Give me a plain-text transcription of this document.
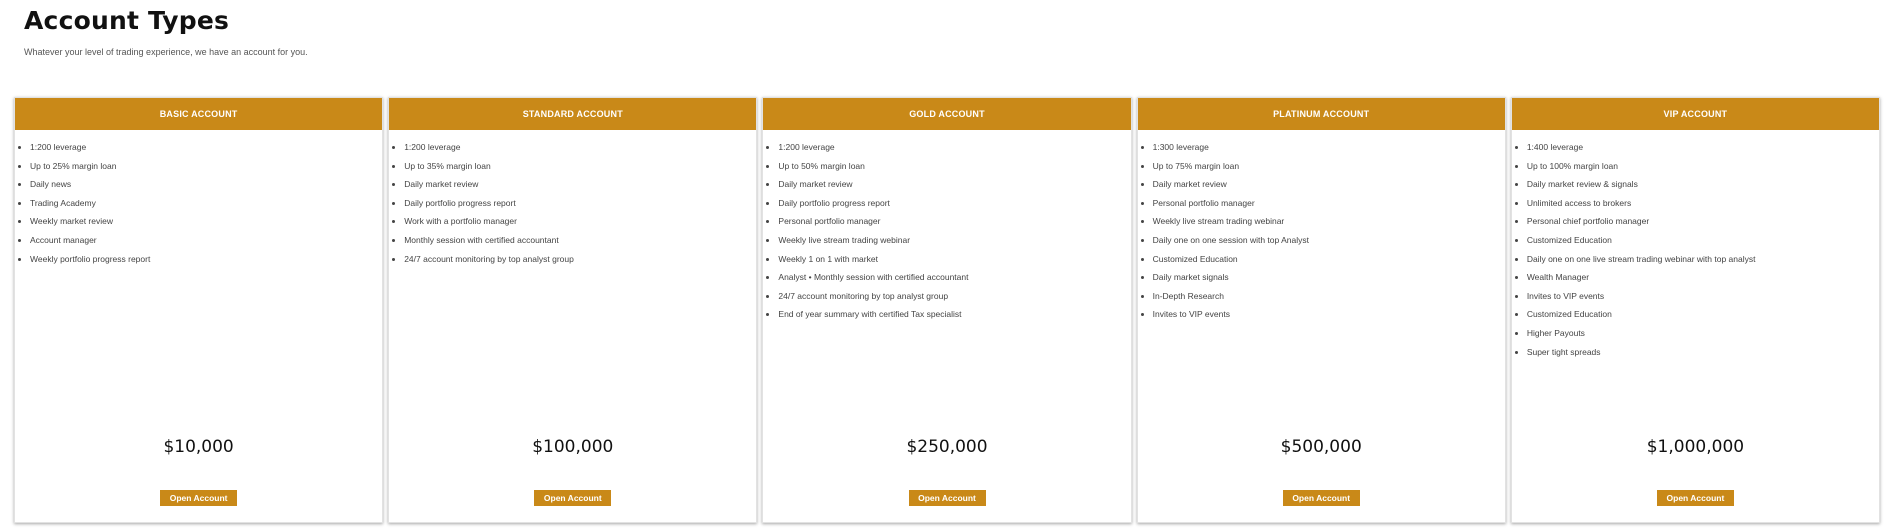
Account Types

Whatever your level of trading experience, we have an account for you.

BASIC ACCOUNT
• 1:200 leverage
• Up to 25% margin loan
• Daily news
• Trading Academy
• Weekly market review
• Account manager
• Weekly portfolio progress report
$10,000
Open Account
STANDARD ACCOUNT
• 1:200 leverage
• Up to 35% margin loan
• Daily market review
• Daily portfolio progress report
• Work with a portfolio manager
• Monthly session with certified accountant
• 24/7 account monitoring by top analyst group
$100,000
Open Account
GOLD ACCOUNT
• 1:200 leverage
• Up to 50% margin loan
• Daily market review
• Daily portfolio progress report
• Personal portfolio manager
• Weekly live stream trading webinar
• Weekly 1 on 1 with market
• Analyst • Monthly session with certified accountant
• 24/7 account monitoring by top analyst group
• End of year summary with certified Tax specialist
$250,000
Open Account
PLATINUM ACCOUNT
• 1:300 leverage
• Up to 75% margin loan
• Daily market review
• Personal portfolio manager
• Weekly live stream trading webinar
• Daily one on one session with top Analyst
• Customized Education
• Daily market signals
• In-Depth Research
• Invites to VIP events
$500,000
Open Account
VIP ACCOUNT
• 1:400 leverage
• Up to 100% margin loan
• Daily market review & signals
• Unlimited access to brokers
• Personal chief portfolio manager
• Customized Education
• Daily one on one live stream trading webinar with top analyst
• Wealth Manager
• Invites to VIP events
• Customized Education
• Higher Payouts
• Super tight spreads
$1,000,000
Open Account
